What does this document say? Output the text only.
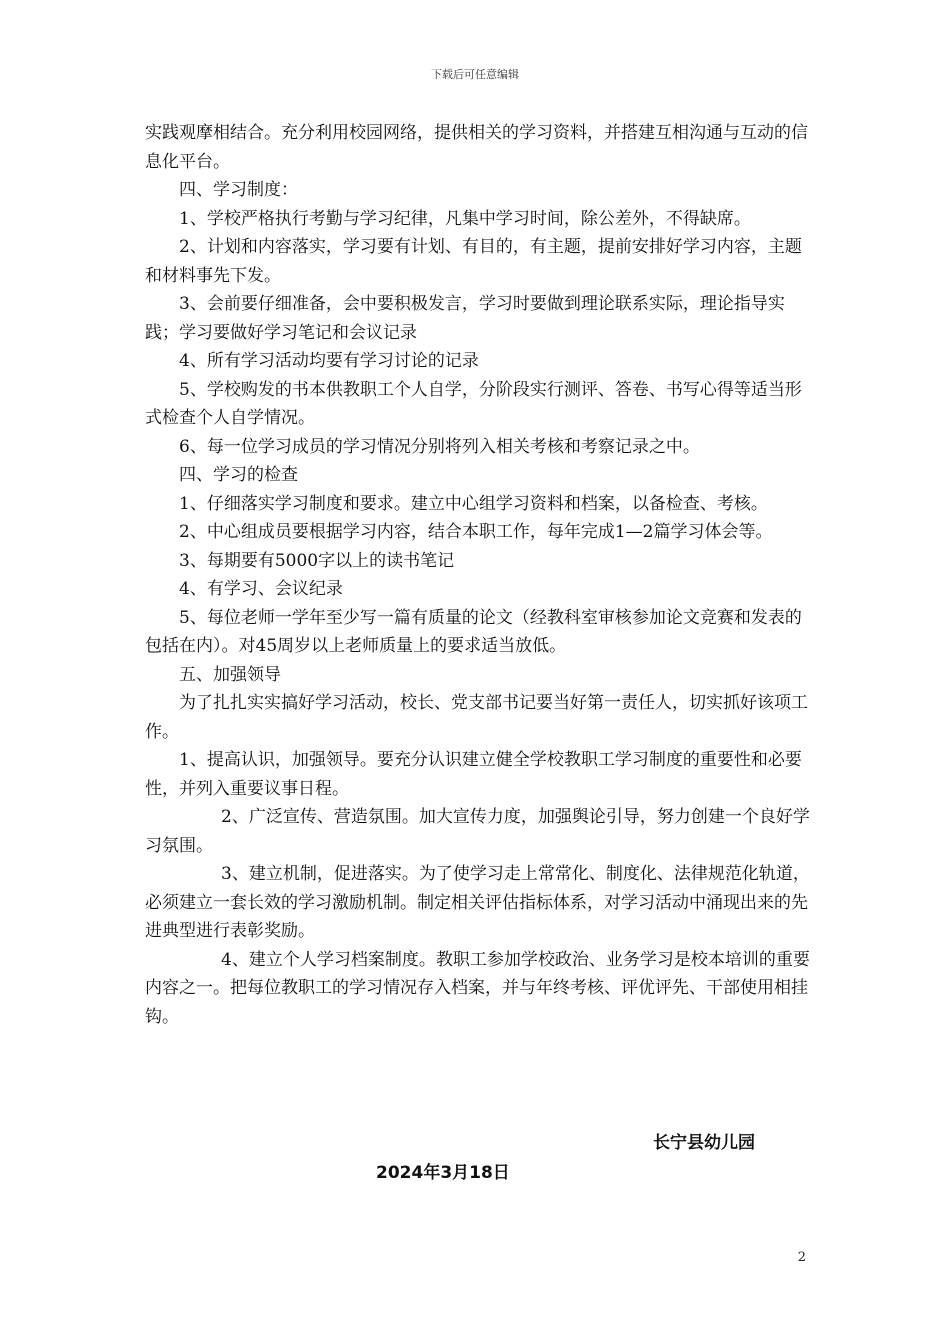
下载后可任意编辑

实践观摩相结合。充分利用校园网络，提供相关的学习资料，并搭建互相沟通与互动的信息化平台。

四、学习制度：

1、学校严格执行考勤与学习纪律，凡集中学习时间，除公差外，不得缺席。

2、计划和内容落实，学习要有计划、有目的，有主题，提前安排好学习内容，主题和材料事先下发。

3、会前要仔细准备，会中要积极发言，学习时要做到理论联系实际，理论指导实践；学习要做好学习笔记和会议记录

4、所有学习活动均要有学习讨论的记录

5、学校购发的书本供教职工个人自学，分阶段实行测评、答卷、书写心得等适当形式检查个人自学情况。

6、每一位学习成员的学习情况分别将列入相关考核和考察记录之中。

四、学习的检查

1、仔细落实学习制度和要求。建立中心组学习资料和档案，以备检查、考核。

2、中心组成员要根据学习内容，结合本职工作，每年完成1—2篇学习体会等。

3、每期要有5000字以上的读书笔记

4、有学习、会议纪录

5、每位老师一学年至少写一篇有质量的论文（经教科室审核参加论文竞赛和发表的包括在内）。对45周岁以上老师质量上的要求适当放低。

五、加强领导

为了扎扎实实搞好学习活动，校长、党支部书记要当好第一责任人，切实抓好该项工作。

1、提高认识，加强领导。要充分认识建立健全学校教职工学习制度的重要性和必要性，并列入重要议事日程。

2、广泛宣传、营造氛围。加大宣传力度，加强舆论引导，努力创建一个良好学习氛围。

3、建立机制，促进落实。为了使学习走上常常化、制度化、法律规范化轨道，必须建立一套长效的学习激励机制。制定相关评估指标体系，对学习活动中涌现出来的先进典型进行表彰奖励。

4、建立个人学习档案制度。教职工参加学校政治、业务学习是校本培训的重要内容之一。把每位教职工的学习情况存入档案，并与年终考核、评优评先、干部使用相挂钩。

长宁县幼儿园
2024年3月18日
2
